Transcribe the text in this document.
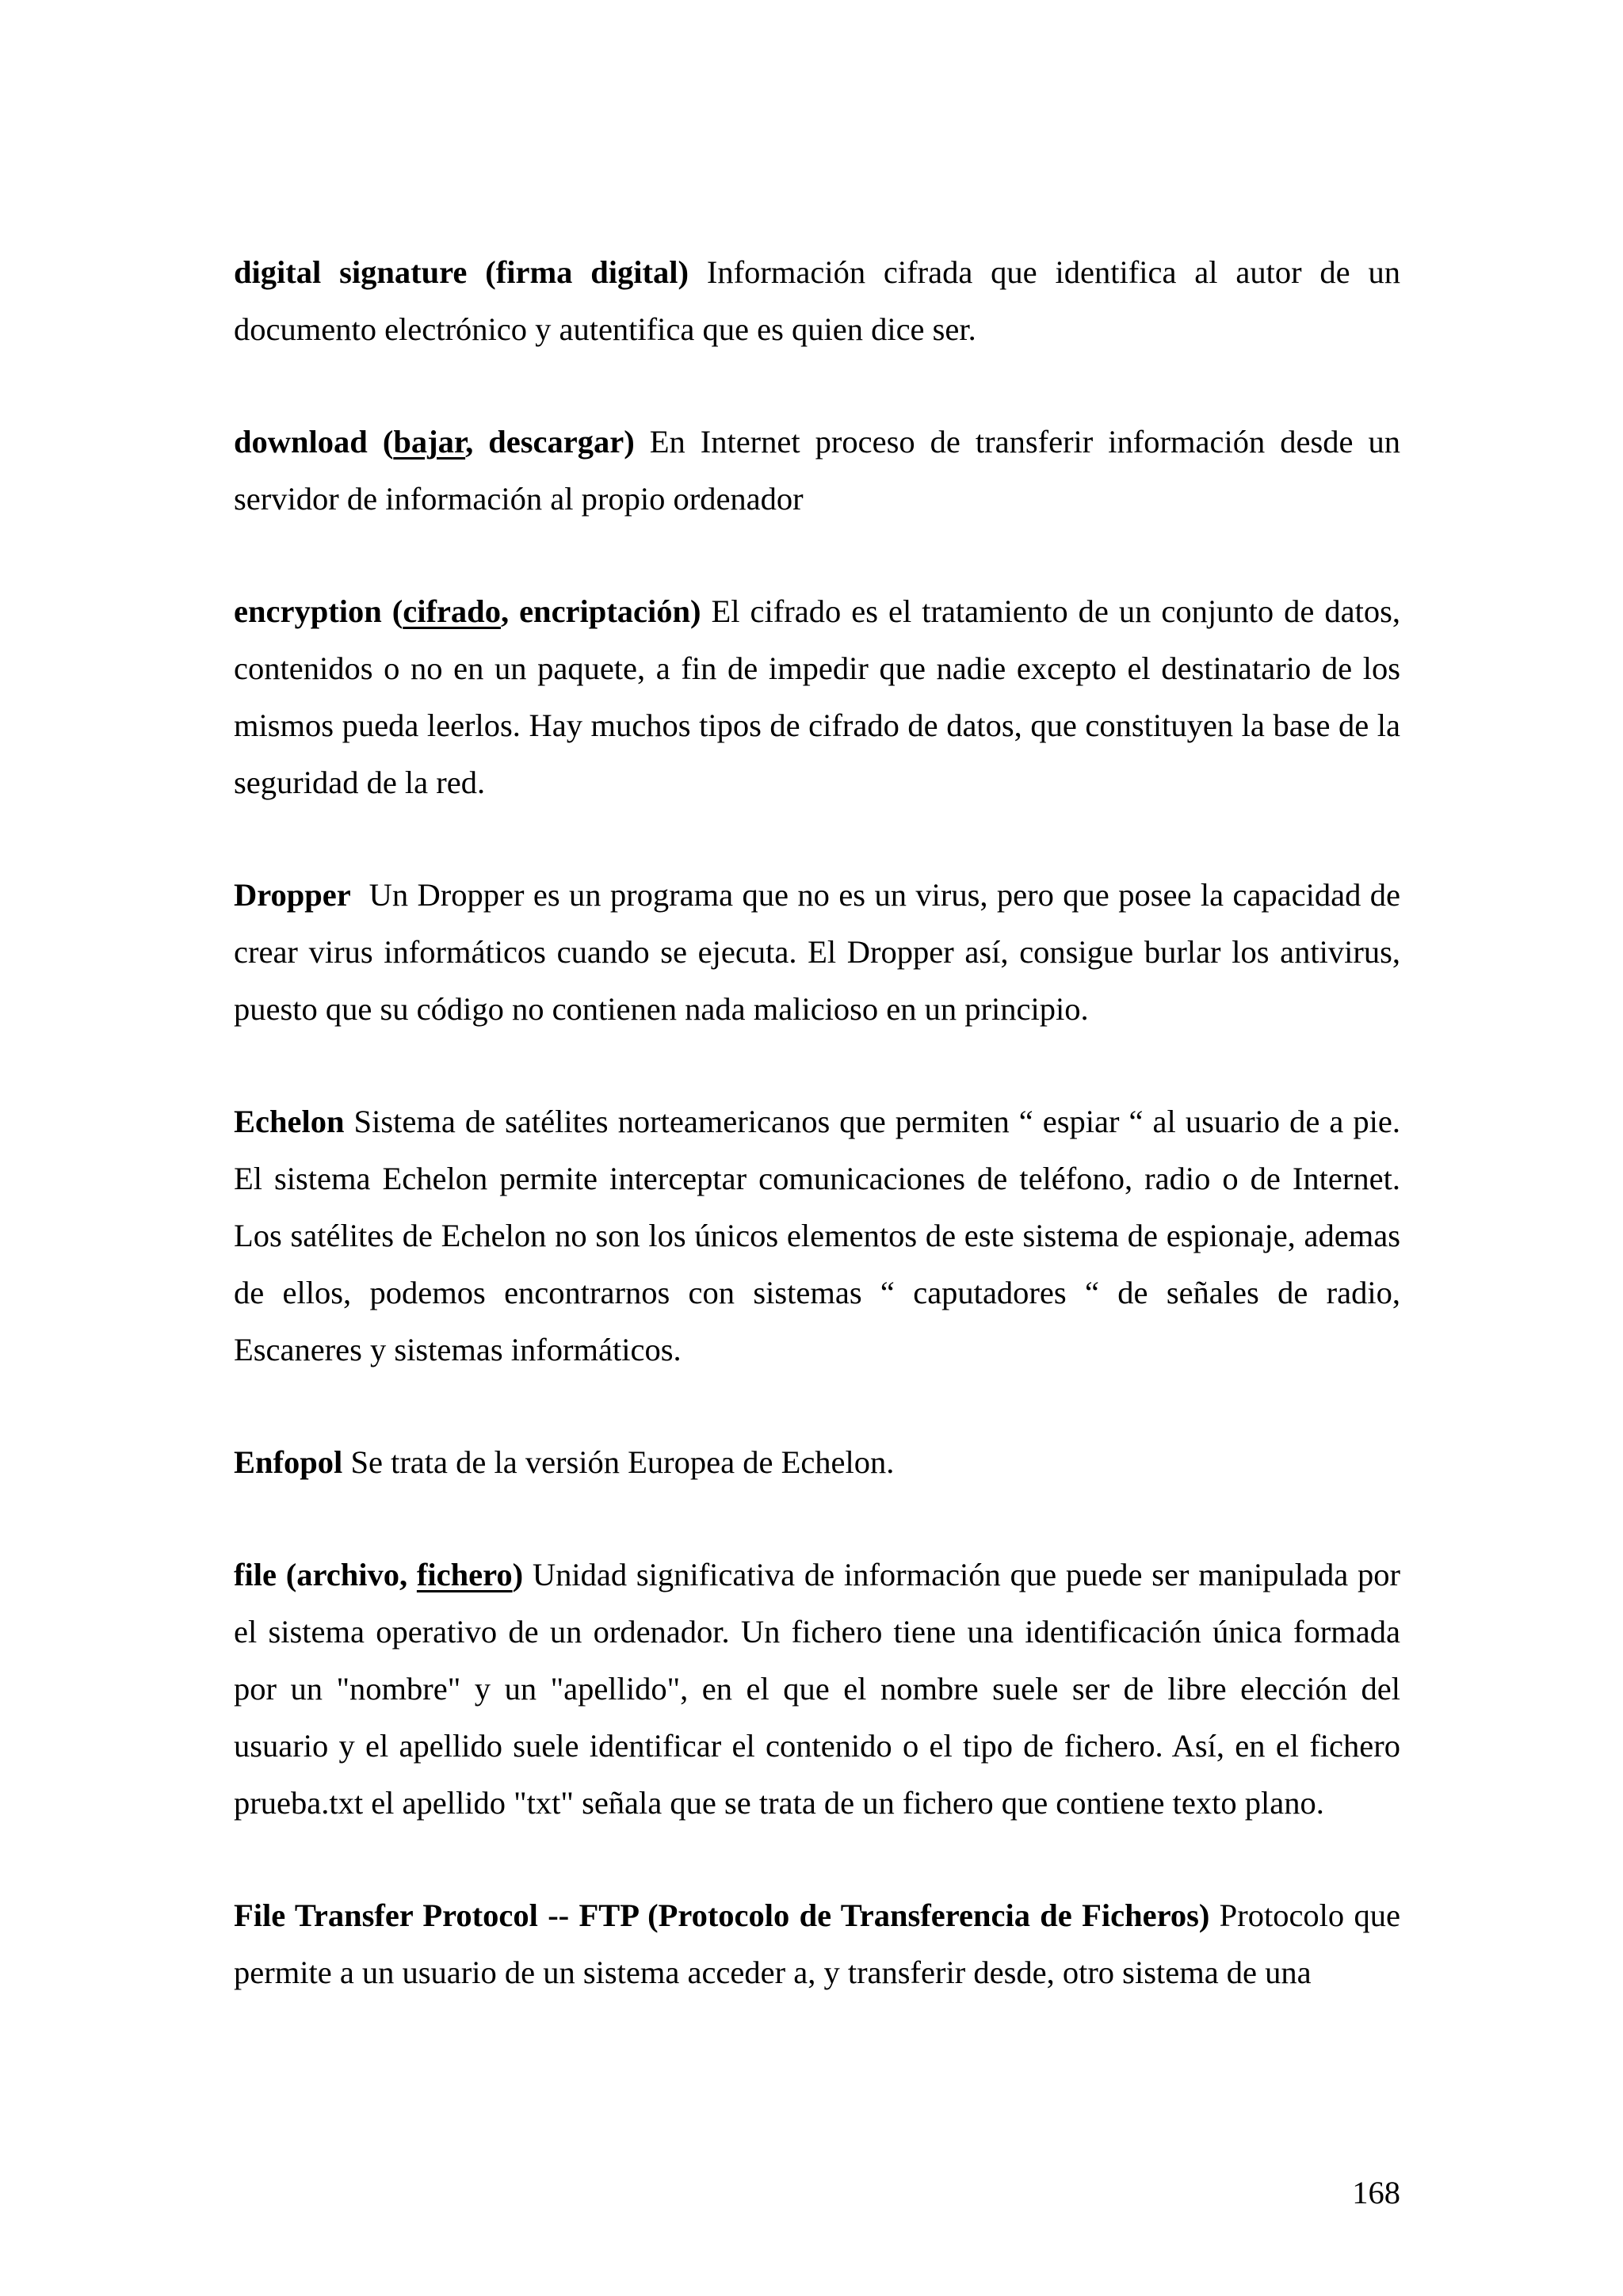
digital signature (firma digital) Información cifrada que identifica al autor de un documento electrónico y autentifica que es quien dice ser.

download (bajar, descargar) En Internet proceso de transferir información desde un servidor de información al propio ordenador

encryption (cifrado, encriptación) El cifrado es el tratamiento de un conjunto de datos, contenidos o no en un paquete, a fin de impedir que nadie excepto el destinatario de los mismos pueda leerlos. Hay muchos tipos de cifrado de datos, que constituyen la base de la seguridad de la red.

Dropper  Un Dropper es un programa que no es un virus, pero que posee la capacidad de crear virus informáticos cuando se ejecuta. El Dropper así, consigue burlar los antivirus, puesto que su código no contienen nada malicioso en un principio.

Echelon Sistema de satélites norteamericanos que permiten “ espiar “ al usuario de a pie. El sistema Echelon permite interceptar comunicaciones de teléfono, radio o de Internet. Los satélites de Echelon no son los únicos elementos de este sistema de espionaje, ademas de ellos, podemos encontrarnos con sistemas “ caputadores “ de señales de radio, Escaneres y sistemas informáticos.

Enfopol Se trata de la versión Europea de Echelon.

file (archivo, fichero) Unidad significativa de información que puede ser manipulada por el sistema operativo de un ordenador. Un fichero tiene una identificación única formada por un "nombre" y un "apellido", en el que el nombre suele ser de libre elección del usuario y el apellido suele identificar el contenido o el tipo de fichero. Así, en el fichero prueba.txt el apellido "txt" señala que se trata de un fichero que contiene texto plano.

File Transfer Protocol -- FTP (Protocolo de Transferencia de Ficheros) Protocolo que permite a un usuario de un sistema acceder a, y transferir desde, otro sistema de una

168
